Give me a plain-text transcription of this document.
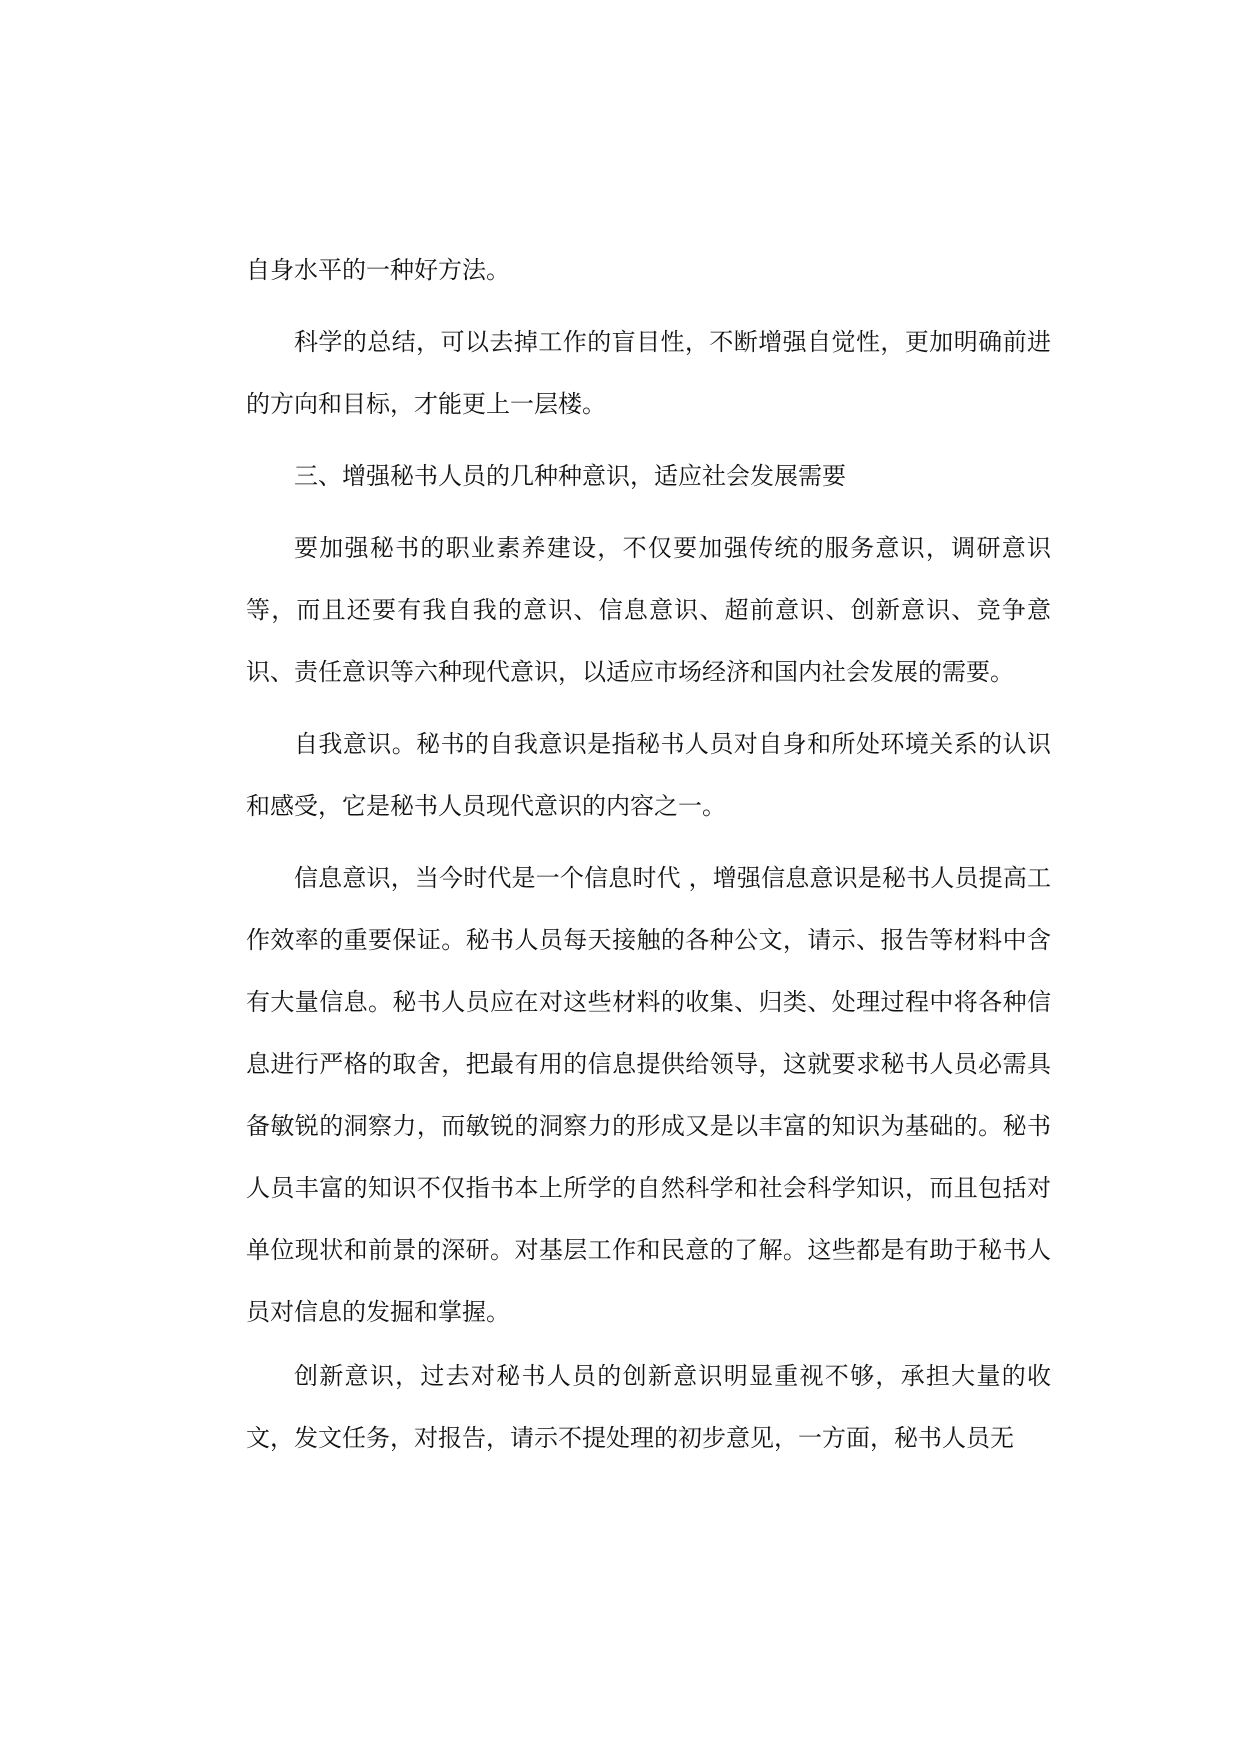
自身水平的一种好方法。

科学的总结，可以去掉工作的盲目性，不断增强自觉性，更加明确前进的方向和目标，才能更上一层楼。

三、增强秘书人员的几种种意识，适应社会发展需要

要加强秘书的职业素养建设，不仅要加强传统的服务意识，调研意识等，而且还要有我自我的意识、信息意识、超前意识、创新意识、竞争意识、责任意识等六种现代意识，以适应市场经济和国内社会发展的需要。

自我意识。秘书的自我意识是指秘书人员对自身和所处环境关系的认识和感受，它是秘书人员现代意识的内容之一。

信息意识，当今时代是一个信息时代 ，增强信息意识是秘书人员提高工作效率的重要保证。秘书人员每天接触的各种公文，请示、报告等材料中含有大量信息。秘书人员应在对这些材料的收集、归类、处理过程中将各种信息进行严格的取舍，把最有用的信息提供给领导，这就要求秘书人员必需具备敏锐的洞察力，而敏锐的洞察力的形成又是以丰富的知识为基础的。秘书人员丰富的知识不仅指书本上所学的自然科学和社会科学知识，而且包括对单位现状和前景的深研。对基层工作和民意的了解。这些都是有助于秘书人员对信息的发掘和掌握。

创新意识，过去对秘书人员的创新意识明显重视不够，承担大量的收文，发文任务，对报告，请示不提处理的初步意见，一方面，秘书人员无
